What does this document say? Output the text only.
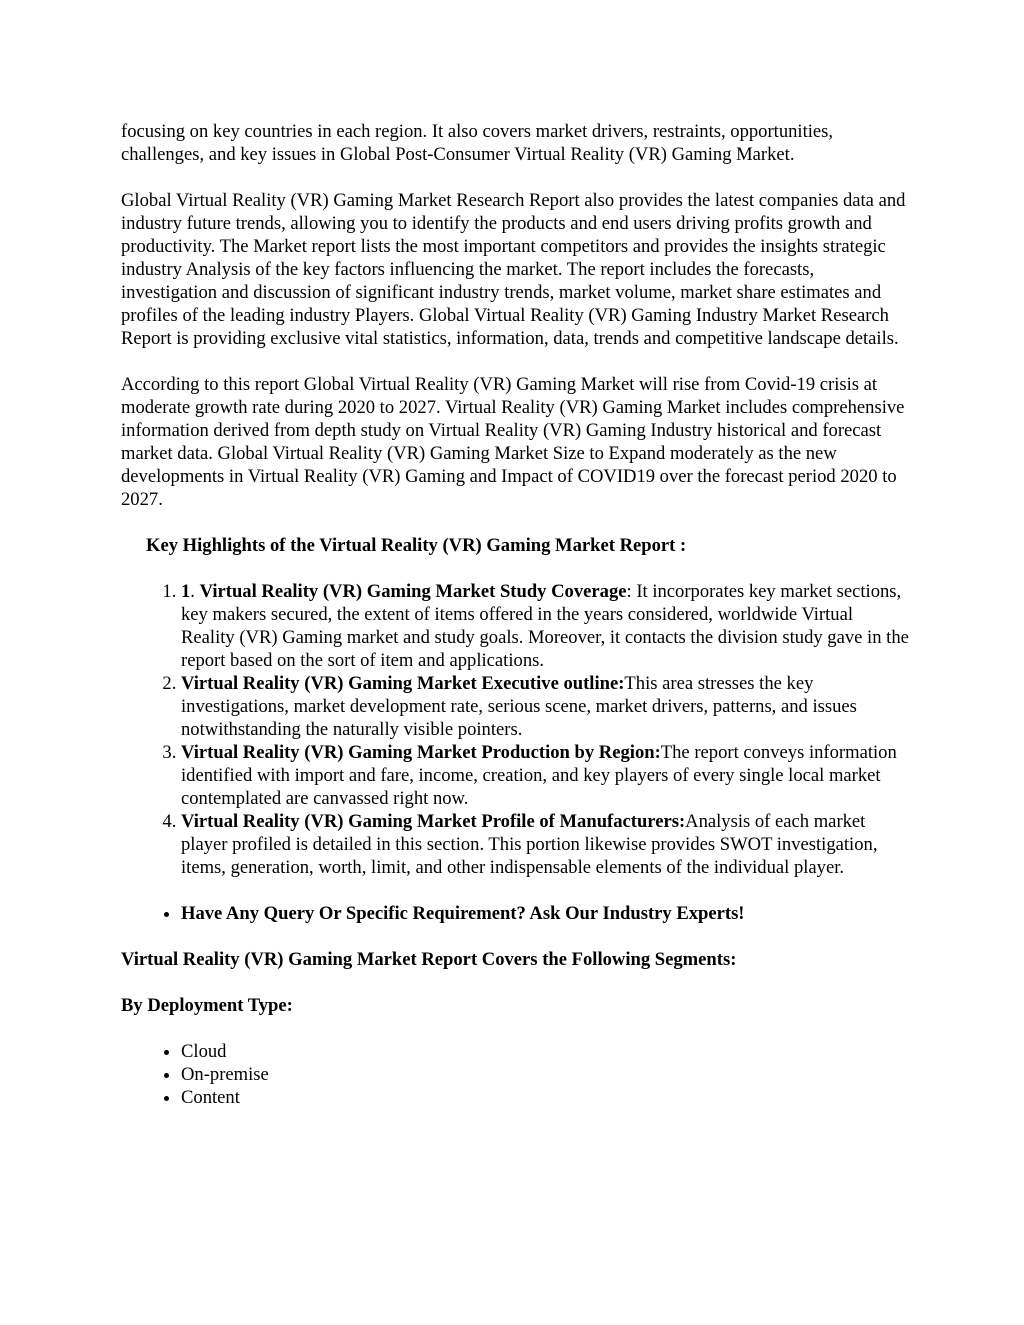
focusing on key countries in each region. It also covers market drivers, restraints, opportunities, challenges, and key issues in Global Post-Consumer Virtual Reality (VR) Gaming Market.

Global Virtual Reality (VR) Gaming Market Research Report also provides the latest companies data and industry future trends, allowing you to identify the products and end users driving profits growth and productivity. The Market report lists the most important competitors and provides the insights strategic industry Analysis of the key factors influencing the market. The report includes the forecasts, investigation and discussion of significant industry trends, market volume, market share estimates and profiles of the leading industry Players. Global Virtual Reality (VR) Gaming Industry Market Research Report is providing exclusive vital statistics, information, data, trends and competitive landscape details.

According to this report Global Virtual Reality (VR) Gaming Market will rise from Covid-19 crisis at moderate growth rate during 2020 to 2027. Virtual Reality (VR) Gaming Market includes comprehensive information derived from depth study on Virtual Reality (VR) Gaming Industry historical and forecast market data. Global Virtual Reality (VR) Gaming Market Size to Expand moderately as the new developments in Virtual Reality (VR) Gaming and Impact of COVID19 over the forecast period 2020 to 2027.

Key Highlights of the Virtual Reality (VR) Gaming Market Report :

1. 1. Virtual Reality (VR) Gaming Market Study Coverage: It incorporates key market sections, key makers secured, the extent of items offered in the years considered, worldwide Virtual Reality (VR) Gaming market and study goals. Moreover, it contacts the division study gave in the report based on the sort of item and applications.
2. Virtual Reality (VR) Gaming Market Executive outline:This area stresses the key investigations, market development rate, serious scene, market drivers, patterns, and issues notwithstanding the naturally visible pointers.
3. Virtual Reality (VR) Gaming Market Production by Region:The report conveys information identified with import and fare, income, creation, and key players of every single local market contemplated are canvassed right now.
4. Virtual Reality (VR) Gaming Market Profile of Manufacturers:Analysis of each market player profiled is detailed in this section. This portion likewise provides SWOT investigation, items, generation, worth, limit, and other indispensable elements of the individual player.
• Have Any Query Or Specific Requirement? Ask Our Industry Experts!

Virtual Reality (VR) Gaming Market Report Covers the Following Segments:

By Deployment Type:

• Cloud
• On-premise
• Content
